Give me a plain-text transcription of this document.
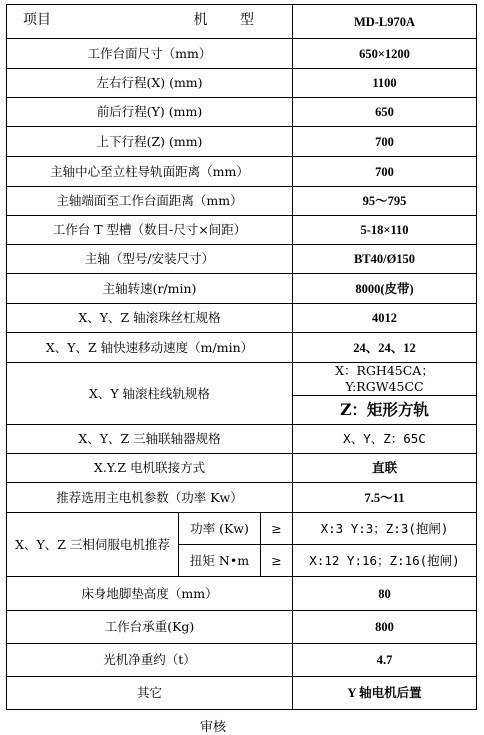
项目 机 型			MD-L970A
工作台面尺寸（mm）			650×1200
左右行程(X) (mm)			1100
前后行程(Y) (mm)			650
上下行程(Z) (mm)			700
主轴中心至立柱导轨面距离（mm）			700
主轴端面至工作台面距离（mm）			95～795
工作台 T 型槽（数目-尺寸×间距）			5-18×110
主轴（型号/安装尺寸）			BT40/Ø150
主轴转速(r/min)			8000(皮带)
X、Y、Z 轴滚珠丝杠规格			4012
X、Y、Z 轴快速移动速度（m/min）			24、24、12
X、Y 轴滚柱线轨规格			X：RGH45CA；Y:RGW45CC
			Z：矩形方轨
X、Y、Z 三轴联轴器规格			X、Y、Z：65C
X.Y.Z 电机联接方式			直联
推荐选用主电机参数（功率 Kw）			7.5～11
X、Y、Z 三相伺服电机推荐	功率 (Kw)	≥	X:3 Y:3；Z:3(抱闸)
	扭矩 N•m	≥	X:12 Y:16；Z:16(抱闸)
床身地脚垫高度（mm）			80
工作台承重(Kg)			800
光机净重约（t）			4.7
其它			Y 轴电机后置
审核
